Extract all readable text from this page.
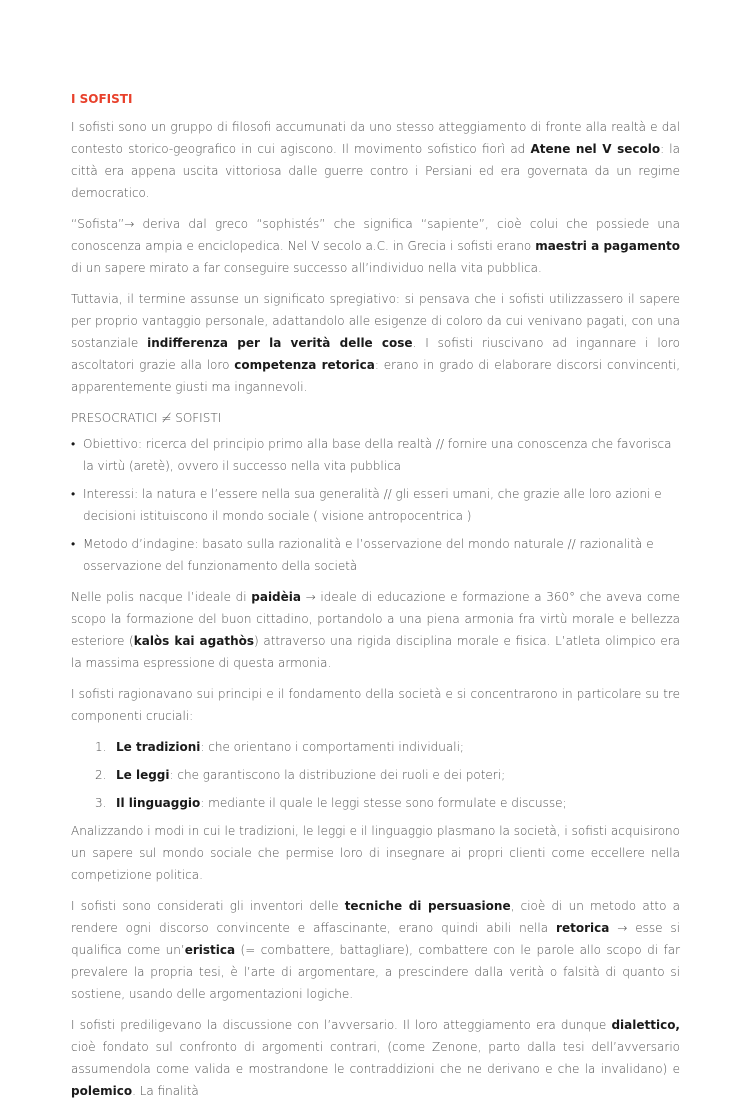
I SOFISTI

I sofisti sono un gruppo di filosofi accumunati da uno stesso atteggiamento di fronte alla realtà e dal contesto storico-geografico in cui agiscono. Il movimento sofistico fiorì ad Atene nel V secolo: la città era appena uscita vittoriosa dalle guerre contro i Persiani ed era governata da un regime democratico.

“Sofista”→ deriva dal greco “sophistés” che significa “sapiente”, cioè colui che possiede una conoscenza ampia e enciclopedica. Nel V secolo a.C. in Grecia i sofisti erano maestri a pagamento di un sapere mirato a far conseguire successo all’individuo nella vita pubblica.

Tuttavia, il termine assunse un significato spregiativo: si pensava che i sofisti utilizzassero il sapere per proprio vantaggio personale, adattandolo alle esigenze di coloro da cui venivano pagati, con una sostanziale indifferenza per la verità delle cose. I sofisti riuscivano ad ingannare i loro ascoltatori grazie alla loro competenza retorica: erano in grado di elaborare discorsi convincenti, apparentemente giusti ma ingannevoli.

PRESOCRATICI ≠ SOFISTI
• Obiettivo: ricerca del principio primo alla base della realtà // fornire una conoscenza che favorisca la virtù (aretè), ovvero il successo nella vita pubblica
• Interessi: la natura e l’essere nella sua generalità // gli esseri umani, che grazie alle loro azioni e decisioni istituiscono il mondo sociale ( visione antropocentrica )
• Metodo d’indagine: basato sulla razionalità e l’osservazione del mondo naturale // razionalità e osservazione del funzionamento della società

Nelle polis nacque l’ideale di paidèia → ideale di educazione e formazione a 360° che aveva come scopo la formazione del buon cittadino, portandolo a una piena armonia fra virtù morale e bellezza esteriore (kalòs kai agathòs) attraverso una rigida disciplina morale e fisica. L’atleta olimpico era la massima espressione di questa armonia.

I sofisti ragionavano sui principi e il fondamento della società e si concentrarono in particolare su tre componenti cruciali:

1. Le tradizioni: che orientano i comportamenti individuali;
2. Le leggi: che garantiscono la distribuzione dei ruoli e dei poteri;
3. Il linguaggio: mediante il quale le leggi stesse sono formulate e discusse;

Analizzando i modi in cui le tradizioni, le leggi e il linguaggio plasmano la società, i sofisti acquisirono un sapere sul mondo sociale che permise loro di insegnare ai propri clienti come eccellere nella competizione politica.

I sofisti sono considerati gli inventori delle tecniche di persuasione, cioè di un metodo atto a rendere ogni discorso convincente e affascinante, erano quindi abili nella retorica → esse si qualifica come un’eristica (= combattere, battagliare), combattere con le parole allo scopo di far prevalere la propria tesi, è l’arte di argomentare, a prescindere dalla verità o falsità di quanto si sostiene, usando delle argomentazioni logiche.

I sofisti prediligevano la discussione con l’avversario. Il loro atteggiamento era dunque dialettico, cioè fondato sul confronto di argomenti contrari, (come Zenone, parto dalla tesi dell’avversario assumendola come valida e mostrandone le contraddizioni che ne derivano e che la invalidano) e polemico. La finalità
